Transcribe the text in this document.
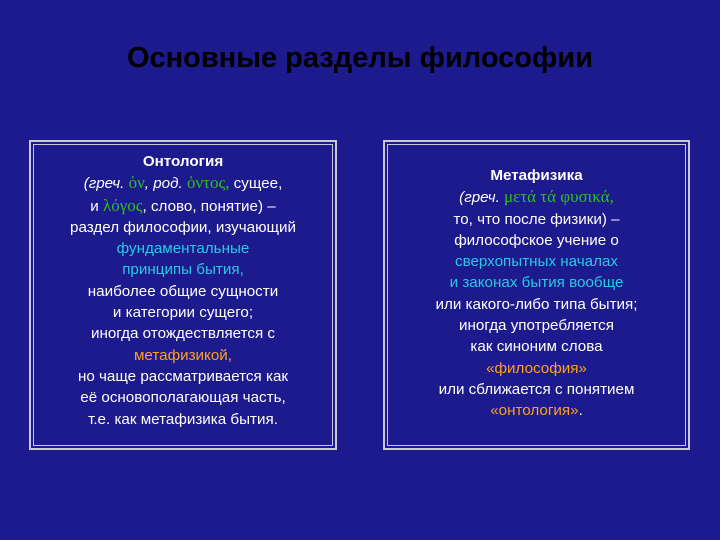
Основные разделы философии
Онтология
(греч. ὁν, род. ὁντος, сущее,
и λόγος, слово, понятие) –
раздел философии, изучающий
фундаментальные
принципы бытия,
наиболее общие сущности
и категории сущего;
иногда отождествляется с
метафизикой,
но чаще рассматривается как
её основополагающая часть,
т.е. как метафизика бытия.
Метафизика
(греч. μετά τά φυσικά,
то, что после физики) –
философское учение о
сверхопытных началах
и законах бытия вообще
или какого-либо типа бытия;
иногда употребляется
как синоним слова
«философия»
или сближается с понятием
«онтология».
